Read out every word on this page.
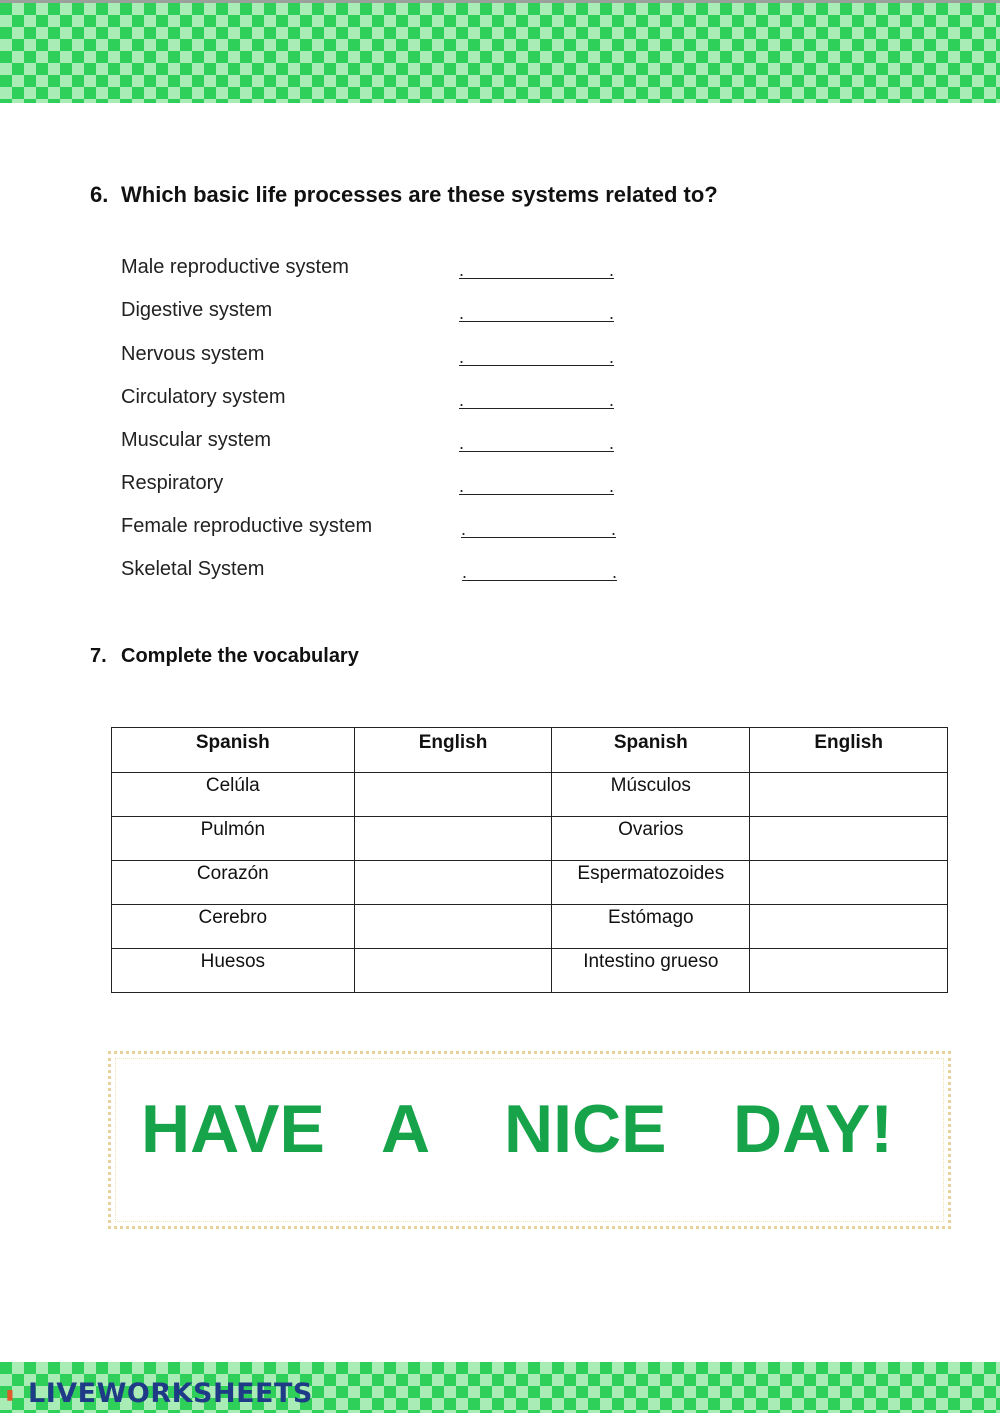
6. Which basic life processes are these systems related to?
Male reproductive system
. .
Digestive system
. .
Nervous system
. .
Circulatory system
. .
Muscular system
. .
Respiratory
. .
Female reproductive system
. .
Skeletal System
. .
7. Complete the vocabulary
Spanish	English	Spanish	English
Celúla		Músculos	
Pulmón		Ovarios	
Corazón		Espermatozoides	
Cerebro		Estómago	
Huesos		Intestino grueso	
HAVE A NICE DAY!
▮ LIVEWORKSHEETS
